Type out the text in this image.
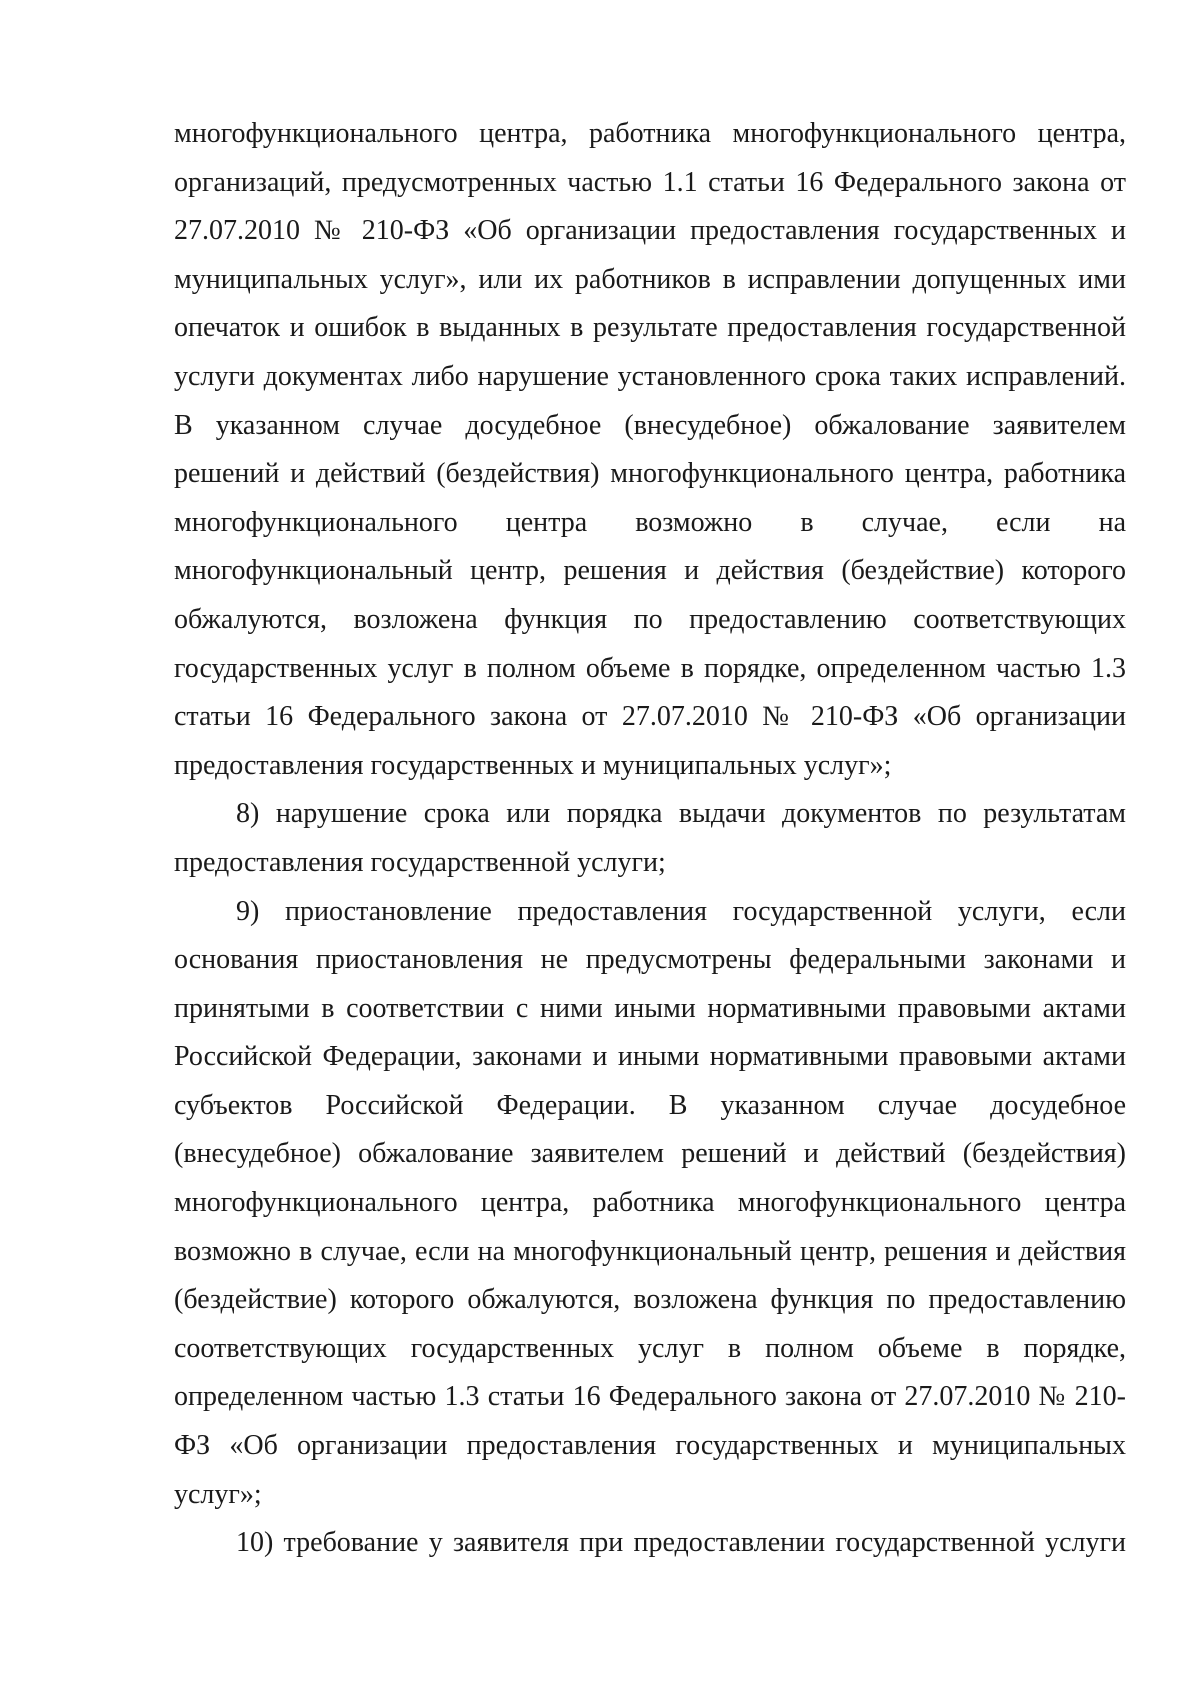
многофункционального центра, работника многофункционального центра,
организаций, предусмотренных частью 1.1 статьи 16 Федерального закона от
27.07.2010 № 210-ФЗ «Об организации предоставления государственных и
муниципальных услуг», или их работников в исправлении допущенных ими
опечаток и ошибок в выданных в результате предоставления государственной
услуги документах либо нарушение установленного срока таких исправлений.
В указанном случае досудебное (внесудебное) обжалование заявителем
решений и действий (бездействия) многофункционального центра, работника
многофункционального центра возможно в случае, если на
многофункциональный центр, решения и действия (бездействие) которого
обжалуются, возложена функция по предоставлению соответствующих
государственных услуг в полном объеме в порядке, определенном частью 1.3
статьи 16 Федерального закона от 27.07.2010 № 210-ФЗ «Об организации
предоставления государственных и муниципальных услуг»;
8) нарушение срока или порядка выдачи документов по результатам
предоставления государственной услуги;
9) приостановление предоставления государственной услуги, если
основания приостановления не предусмотрены федеральными законами и
принятыми в соответствии с ними иными нормативными правовыми актами
Российской Федерации, законами и иными нормативными правовыми актами
субъектов Российской Федерации. В указанном случае досудебное
(внесудебное) обжалование заявителем решений и действий (бездействия)
многофункционального центра, работника многофункционального центра
возможно в случае, если на многофункциональный центр, решения и действия
(бездействие) которого обжалуются, возложена функция по предоставлению
соответствующих государственных услуг в полном объеме в порядке,
определенном частью 1.3 статьи 16 Федерального закона от 27.07.2010 № 210-
ФЗ «Об организации предоставления государственных и муниципальных
услуг»;
10) требование у заявителя при предоставлении государственной услуги
